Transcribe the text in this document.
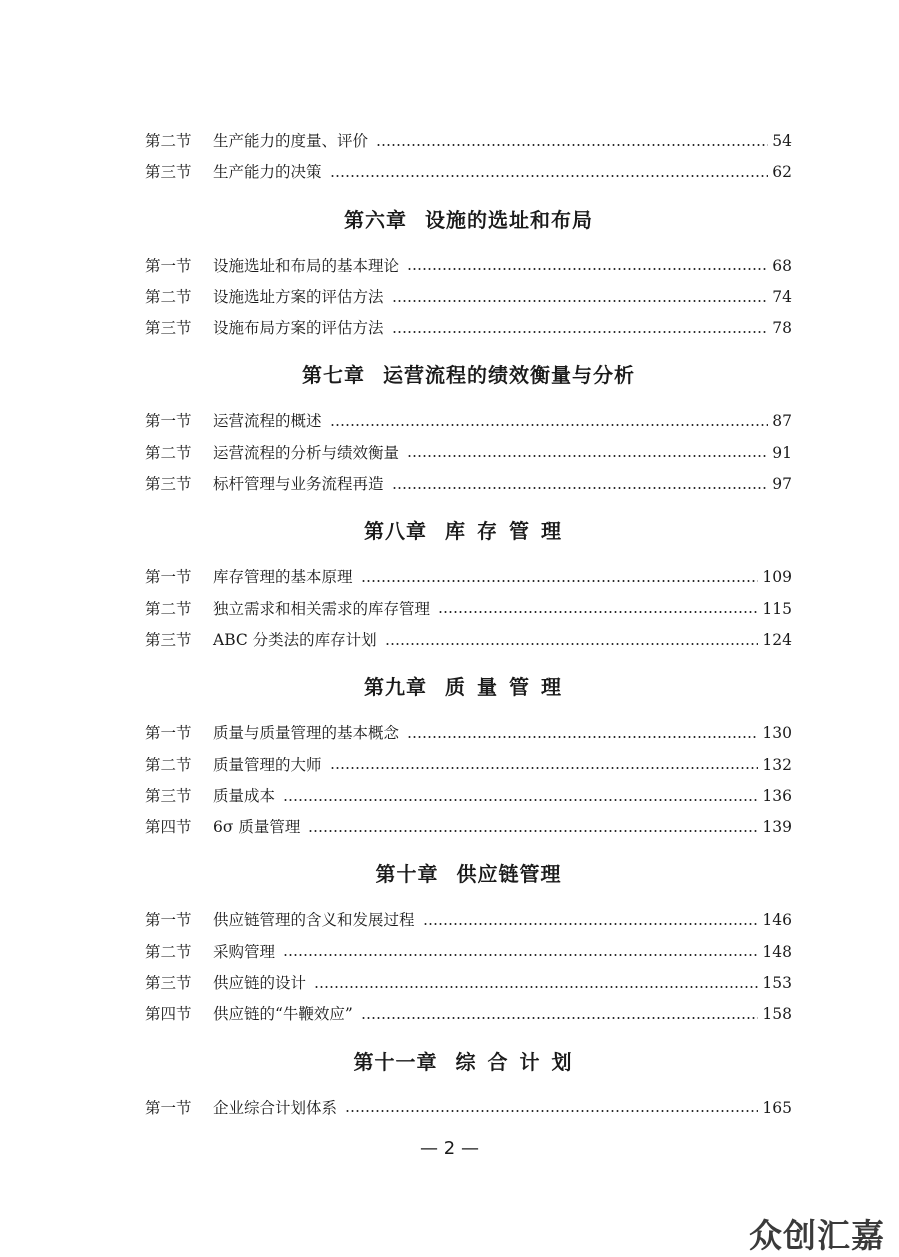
第二节	生产能力的度量、评价	54
第三节	生产能力的决策	62
第六章 设施的选址和布局
第一节	设施选址和布局的基本理论	68
第二节	设施选址方案的评估方法	74
第三节	设施布局方案的评估方法	78
第七章 运营流程的绩效衡量与分析
第一节	运营流程的概述	87
第二节	运营流程的分析与绩效衡量	91
第三节	标杆管理与业务流程再造	97
第八章 库存管理
第一节	库存管理的基本原理	109
第二节	独立需求和相关需求的库存管理	115
第三节	ABC 分类法的库存计划	124
第九章 质量管理
第一节	质量与质量管理的基本概念	130
第二节	质量管理的大师	132
第三节	质量成本	136
第四节	6σ 质量管理	139
第十章 供应链管理
第一节	供应链管理的含义和发展过程	146
第二节	采购管理	148
第三节	供应链的设计	153
第四节	供应链的“牛鞭效应”	158
第十一章 综合计划
第一节	企业综合计划体系	165
— 2 —
众创汇嘉
